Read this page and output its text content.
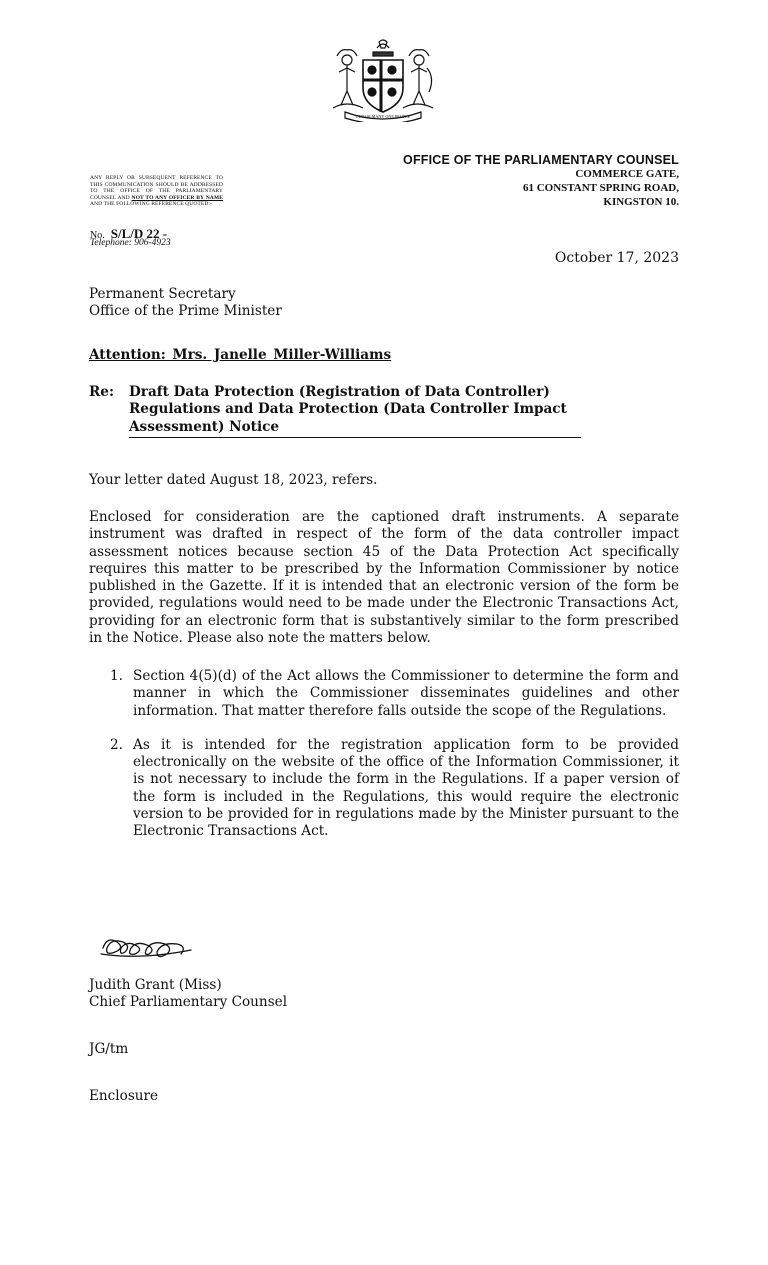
OUT OF MANY ONE PEOPLE
OFFICE OF THE PARLIAMENTARY COUNSEL
COMMERCE GATE,
61 CONSTANT SPRING ROAD,
KINGSTON 10.
ANY REPLY OR SUBSEQUENT REFERENCE TO THIS COMMUNICATION SHOULD BE ADDRESSED TO THE OFFICE OF THE PARLIAMENTARY COUNSEL AND NOT TO ANY OFFICER BY NAME AND THE FOLLOWING REFERENCE QUOTED:-
No. S/L/D 22 -
Telephone: 906-4923
October 17, 2023
Permanent Secretary
Office of the Prime Minister
Attention: Mrs. Janelle Miller-Williams
Re:	Draft Data Protection (Registration of Data Controller)
Regulations and Data Protection (Data Controller Impact
Assessment) Notice
Your letter dated August 18, 2023, refers.
Enclosed for consideration are the captioned draft instruments. A separate instrument was drafted in respect of the form of the data controller impact assessment notices because section 45 of the Data Protection Act specifically requires this matter to be prescribed by the Information Commissioner by notice published in the Gazette. If it is intended that an electronic version of the form be provided, regulations would need to be made under the Electronic Transactions Act, providing for an electronic form that is substantively similar to the form prescribed in the Notice. Please also note the matters below.
1. Section 4(5)(d) of the Act allows the Commissioner to determine the form and manner in which the Commissioner disseminates guidelines and other information. That matter therefore falls outside the scope of the Regulations.
2. As it is intended for the registration application form to be provided electronically on the website of the office of the Information Commissioner, it is not necessary to include the form in the Regulations. If a paper version of the form is included in the Regulations, this would require the electronic version to be provided for in regulations made by the Minister pursuant to the Electronic Transactions Act.
Judith Grant (Miss)
Chief Parliamentary Counsel
JG/tm
Enclosure
